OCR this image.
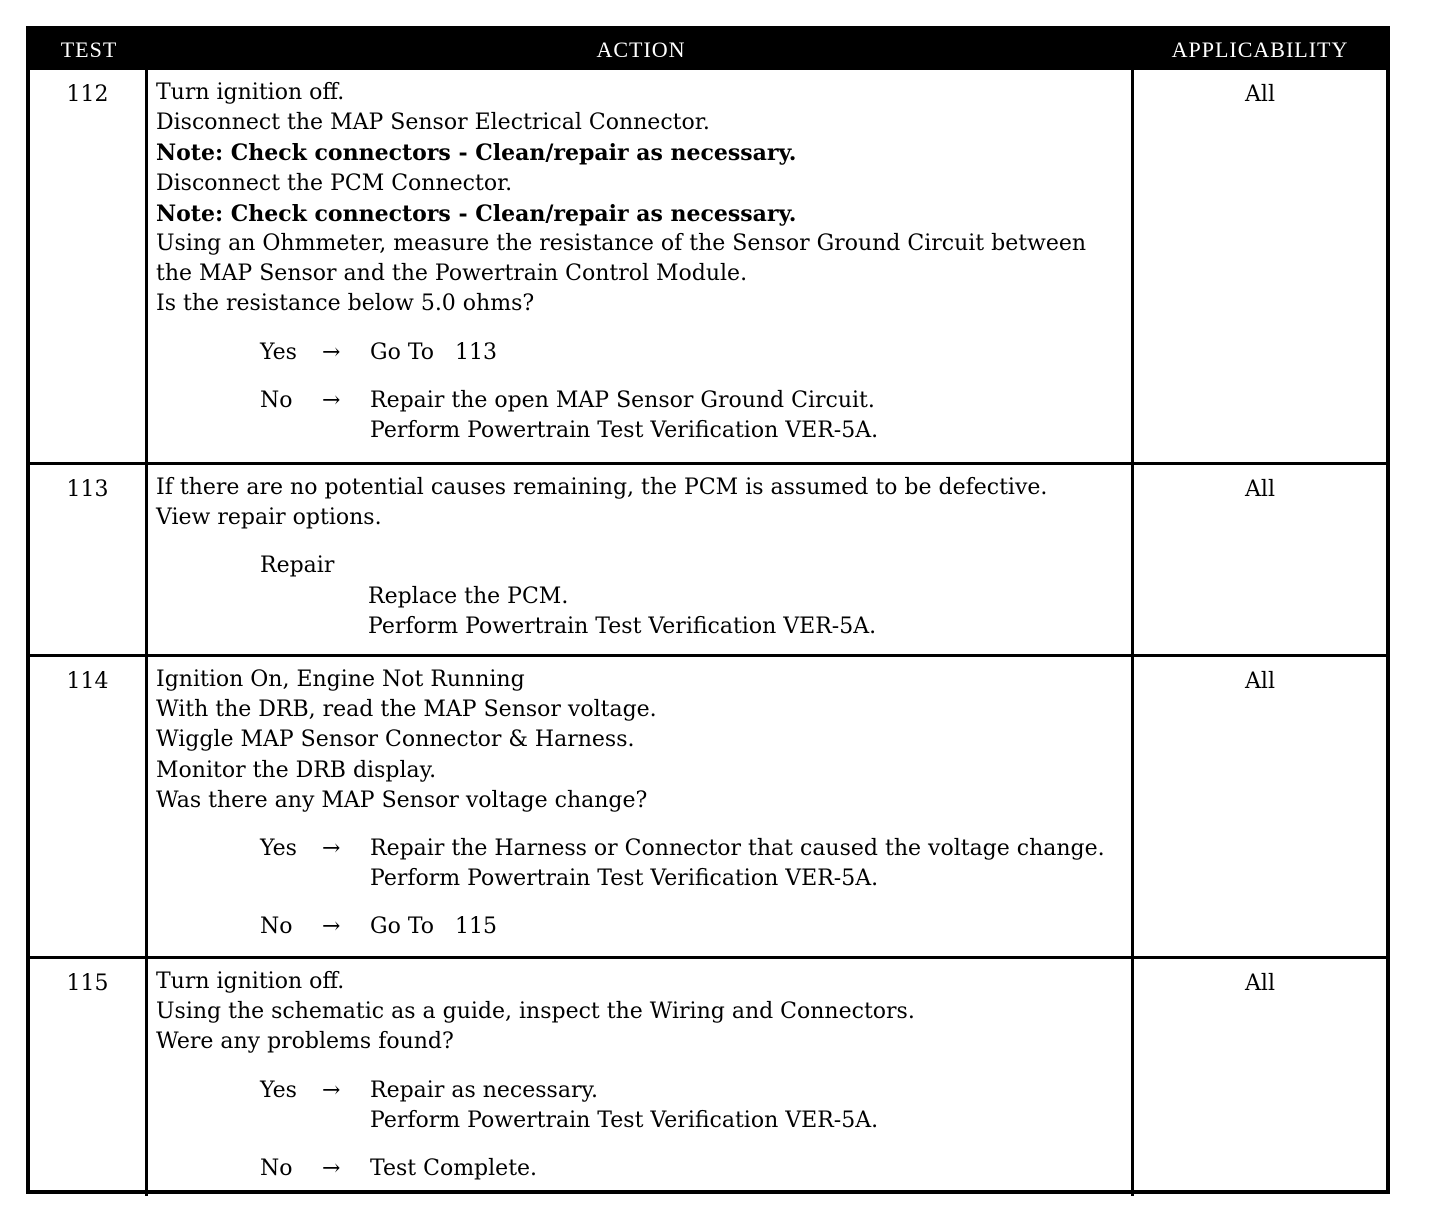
TEST	ACTION	APPLICABILITY
112	Turn ignition off.
Disconnect the MAP Sensor Electrical Connector.
Note: Check connectors - Clean/repair as necessary.
Disconnect the PCM Connector.
Note: Check connectors - Clean/repair as necessary.
Using an Ohmmeter, measure the resistance of the Sensor Ground Circuit between
the MAP Sensor and the Powertrain Control Module.
Is the resistance below 5.0 ohms?
Yes	→	Go To   113
No	→	Repair the open MAP Sensor Ground Circuit.
Perform Powertrain Test Verification VER-5A.
All
113	If there are no potential causes remaining, the PCM is assumed to be defective.
View repair options.
Repair
Replace the PCM.
Perform Powertrain Test Verification VER-5A.
All
114	Ignition On, Engine Not Running
With the DRB, read the MAP Sensor voltage.
Wiggle MAP Sensor Connector & Harness.
Monitor the DRB display.
Was there any MAP Sensor voltage change?
Yes	→	Repair the Harness or Connector that caused the voltage change.
Perform Powertrain Test Verification VER-5A.
No	→	Go To   115
All
115	Turn ignition off.
Using the schematic as a guide, inspect the Wiring and Connectors.
Were any problems found?
Yes	→	Repair as necessary.
Perform Powertrain Test Verification VER-5A.
No	→	Test Complete.
All
